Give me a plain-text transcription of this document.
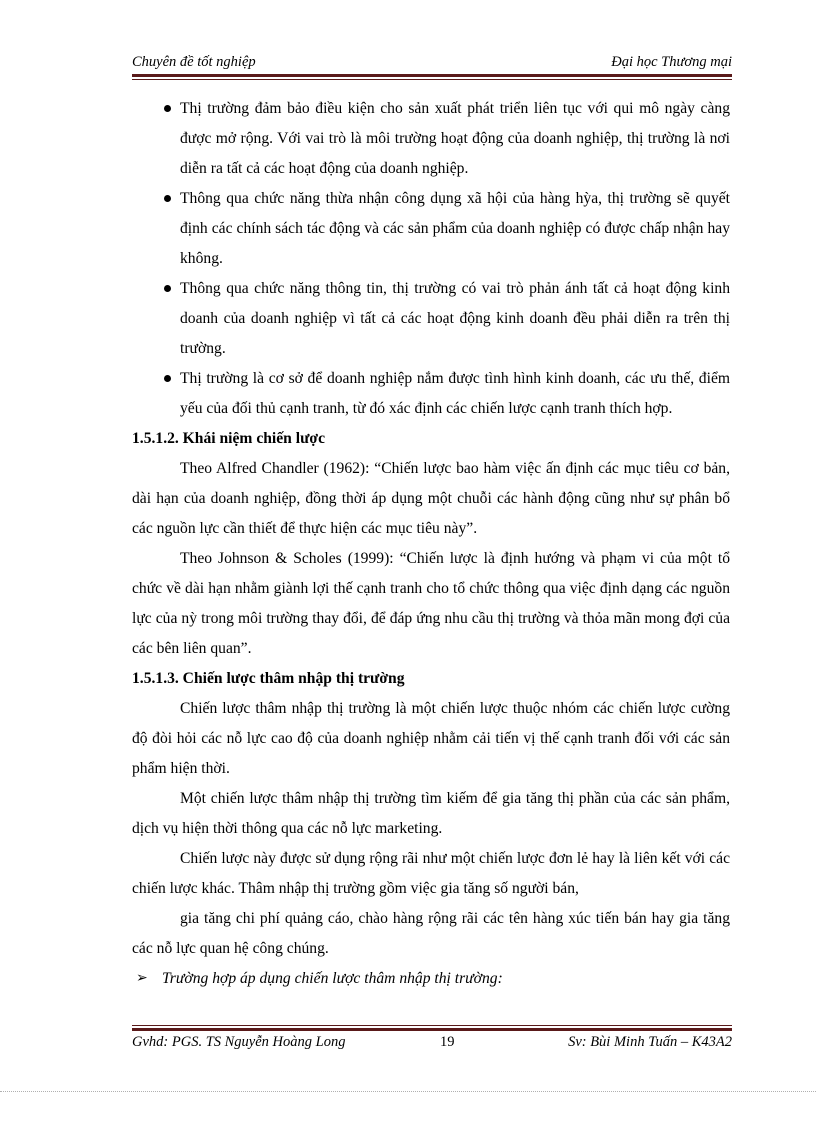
Chuyên đề tốt nghiệp	Đại học Thương mại
Thị trường đảm bảo điều kiện cho sản xuất phát triển liên tục với qui mô ngày càng được mở rộng. Với vai trò là môi trường hoạt động của doanh nghiệp, thị trường là nơi diễn ra tất cả các hoạt động của doanh nghiệp.
Thông qua chức năng thừa nhận công dụng xã hội của hàng hỳa, thị trường sẽ quyết định các chính sách tác động và các sản phẩm của doanh nghiệp có được chấp nhận hay không.
Thông qua chức năng thông tin, thị trường có vai trò phản ánh tất cả hoạt động kinh doanh của doanh nghiệp vì tất cả các hoạt động kinh doanh đều phải diễn ra trên thị trường.
Thị trường là cơ sở để doanh nghiệp nắm được tình hình kinh doanh, các ưu thế, điểm yếu của đối thủ cạnh tranh, từ đó xác định các chiến lược cạnh tranh thích hợp.

1.5.1.2. Khái niệm chiến lược

Theo Alfred Chandler (1962): “Chiến lược bao hàm việc ấn định các mục tiêu cơ bản, dài hạn của doanh nghiệp, đồng thời áp dụng một chuỗi các hành động cũng như sự phân bổ các nguồn lực cần thiết để thực hiện các mục tiêu này”.

Theo Johnson & Scholes (1999): “Chiến lược là định hướng và phạm vi của một tổ chức về dài hạn nhằm giành lợi thế cạnh tranh cho tổ chức thông qua việc định dạng các nguồn lực của nỳ trong môi trường thay đổi, để đáp ứng nhu cầu thị trường và thỏa mãn mong đợi của các bên liên quan”.

1.5.1.3. Chiến lược thâm nhập thị trường

Chiến lược thâm nhập thị trường là một chiến lược thuộc nhóm các chiến lược cường độ đòi hỏi các nỗ lực cao độ của doanh nghiệp nhằm cải tiến vị thế cạnh tranh đối với các sản phẩm hiện thời.

Một chiến lược thâm nhập thị trường tìm kiếm để gia tăng thị phần của các sản phẩm, dịch vụ hiện thời thông qua các nỗ lực marketing.

Chiến lược này được sử dụng rộng rãi như một chiến lược đơn lẻ hay là liên kết với các chiến lược khác. Thâm nhập thị trường gồm việc gia tăng số người bán,

gia tăng chi phí quảng cáo, chào hàng rộng rãi các tên hàng xúc tiến bán hay gia tăng các nỗ lực quan hệ công chúng.

➢ Trường hợp áp dụng chiến lược thâm nhập thị trường:

Gvhd: PGS. TS Nguyễn Hoàng Long	19	Sv: Bùi Minh Tuấn – K43A2
